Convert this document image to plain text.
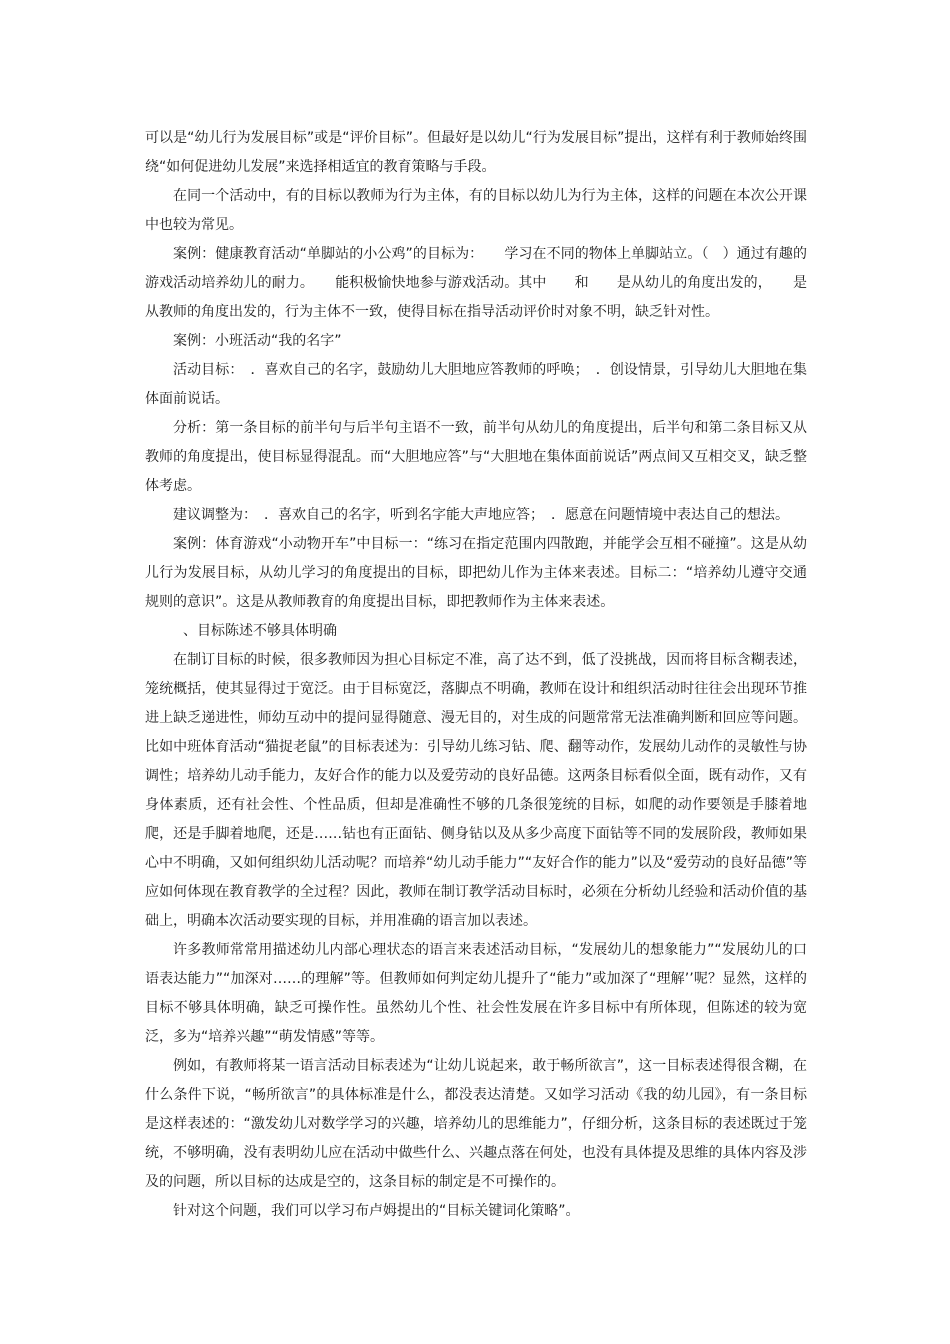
可以是“幼儿行为发展目标”或是“评价目标”。但最好是以幼儿“行为发展目标”提出，这样有利于教师始终围绕“如何促进幼儿发展”来选择相适宜的教育策略与手段。

在同一个活动中，有的目标以教师为行为主体，有的目标以幼儿为行为主体，这样的问题在本次公开课中也较为常见。

案例：健康教育活动“单脚站的小公鸡”的目标为：　　学习在不同的物体上单脚站立。（　）通过有趣的游戏活动培养幼儿的耐力。　　能积极愉快地参与游戏活动。其中　　和　　是从幼儿的角度出发的，　　是从教师的角度出发的，行为主体不一致，使得目标在指导活动评价时对象不明，缺乏针对性。

案例：小班活动“我的名字”

活动目标：　．喜欢自己的名字，鼓励幼儿大胆地应答教师的呼唤；　．创设情景，引导幼儿大胆地在集体面前说话。

分析：第一条目标的前半句与后半句主语不一致，前半句从幼儿的角度提出，后半句和第二条目标又从教师的角度提出，使目标显得混乱。而“大胆地应答”与“大胆地在集体面前说话”两点间又互相交叉，缺乏整体考虑。

建议调整为：　．喜欢自己的名字，听到名字能大声地应答；　．愿意在问题情境中表达自己的想法。

案例：体育游戏“小动物开车”中目标一：“练习在指定范围内四散跑，并能学会互相不碰撞”。这是从幼儿行为发展目标，从幼儿学习的角度提出的目标，即把幼儿作为主体来表述。目标二：“培养幼儿遵守交通规则的意识”。这是从教师教育的角度提出目标，即把教师作为主体来表述。

、目标陈述不够具体明确

在制订目标的时候，很多教师因为担心目标定不准，高了达不到，低了没挑战，因而将目标含糊表述，笼统概括，使其显得过于宽泛。由于目标宽泛，落脚点不明确，教师在设计和组织活动时往往会出现环节推进上缺乏递进性，师幼互动中的提问显得随意、漫无目的，对生成的问题常常无法准确判断和回应等问题。比如中班体育活动“猫捉老鼠”的目标表述为：引导幼儿练习钻、爬、翻等动作，发展幼儿动作的灵敏性与协调性；培养幼儿动手能力，友好合作的能力以及爱劳动的良好品德。这两条目标看似全面，既有动作，又有身体素质，还有社会性、个性品质，但却是准确性不够的几条很笼统的目标，如爬的动作要领是手膝着地爬，还是手脚着地爬，还是……钻也有正面钻、侧身钻以及从多少高度下面钻等不同的发展阶段，教师如果心中不明确，又如何组织幼儿活动呢？而培养“幼儿动手能力”“友好合作的能力”以及“爱劳动的良好品德”等应如何体现在教育教学的全过程？因此，教师在制订教学活动目标时，必须在分析幼儿经验和活动价值的基础上，明确本次活动要实现的目标，并用准确的语言加以表述。

许多教师常常用描述幼儿内部心理状态的语言来表述活动目标，“发展幼儿的想象能力”“发展幼儿的口语表达能力”“加深对……的理解”等。但教师如何判定幼儿提升了“能力”或加深了“理解’’呢？显然，这样的目标不够具体明确，缺乏可操作性。虽然幼儿个性、社会性发展在许多目标中有所体现，但陈述的较为宽泛，多为“培养兴趣”“萌发情感”等等。

例如，有教师将某一语言活动目标表述为“让幼儿说起来，敢于畅所欲言”，这一目标表述得很含糊，在什么条件下说，“畅所欲言”的具体标准是什么，都没表达清楚。又如学习活动《我的幼儿园》，有一条目标是这样表述的：“激发幼儿对数学学习的兴趣，培养幼儿的思维能力”，仔细分析，这条目标的表述既过于笼统，不够明确，没有表明幼儿应在活动中做些什么、兴趣点落在何处，也没有具体提及思维的具体内容及涉及的问题，所以目标的达成是空的，这条目标的制定是不可操作的。

针对这个问题，我们可以学习布卢姆提出的“目标关键词化策略”。
